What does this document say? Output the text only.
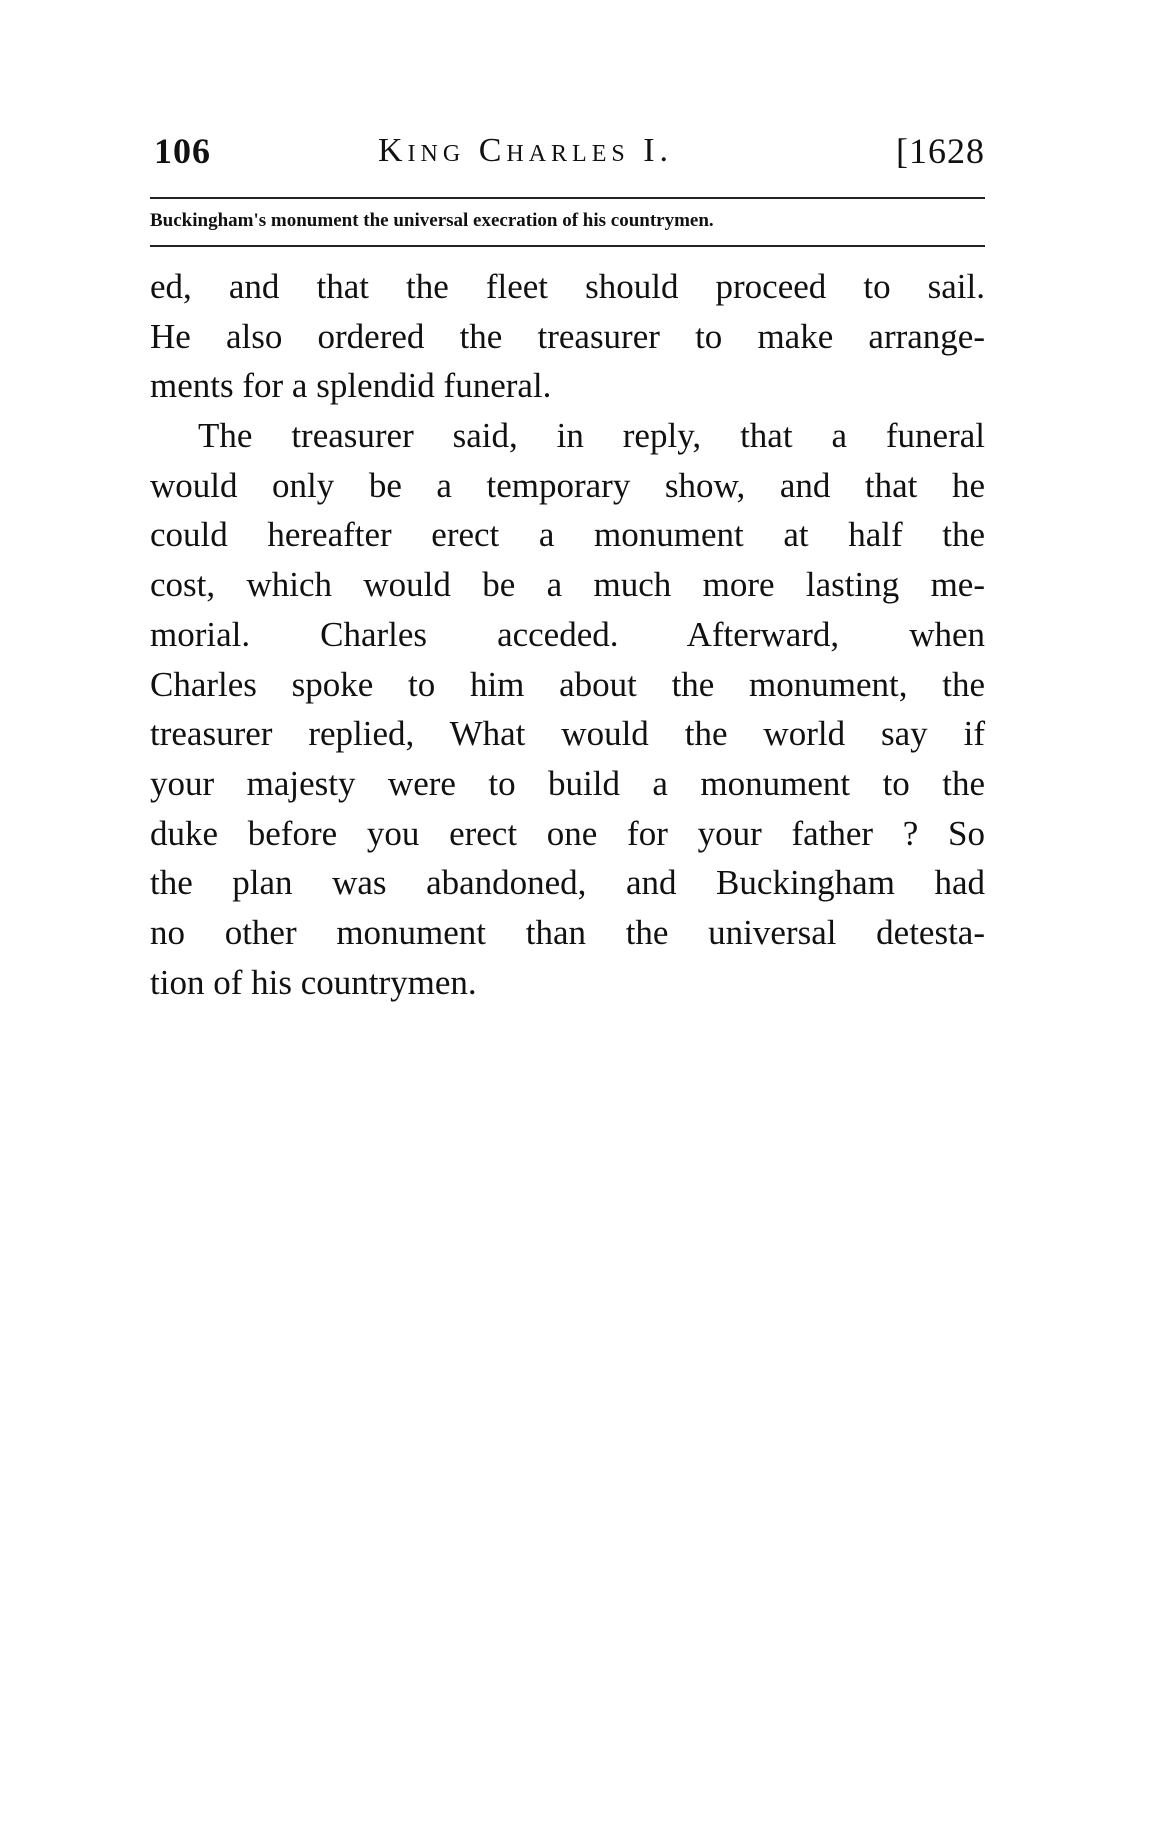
106	King Charles I.	[1628
Buckingham's monument the universal execration of his countrymen.
ed, and that the fleet should proceed to sail.
He also ordered the treasurer to make arrange-
ments for a splendid funeral.
The treasurer said, in reply, that a funeral
would only be a temporary show, and that he
could hereafter erect a monument at half the
cost, which would be a much more lasting me-
morial. Charles acceded. Afterward, when
Charles spoke to him about the monument, the
treasurer replied, What would the world say if
your majesty were to build a monument to the
duke before you erect one for your father ? So
the plan was abandoned, and Buckingham had
no other monument than the universal detesta-
tion of his countrymen.
